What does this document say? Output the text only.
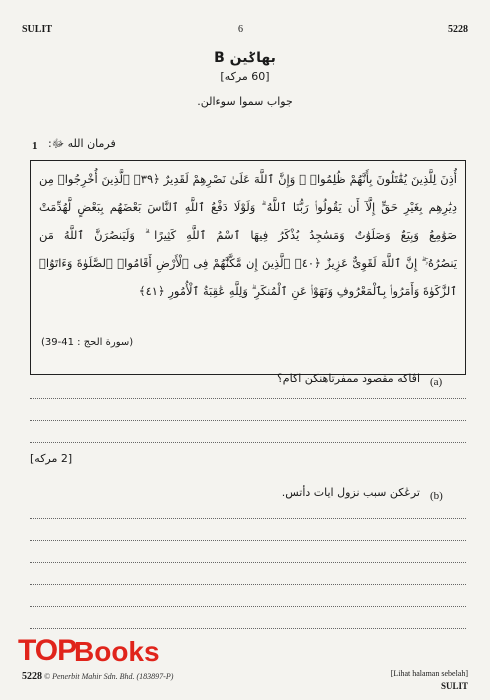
SULIT	6	5228
بهاݢين B
[60 مركه]
جواب سموا سوءالن.
1 فرمان الله ﷻ:
أُذِنَ لِلَّذِينَ يُقَٰتَلُونَ بِأَنَّهُمْ ظُلِمُوا۟ ۚ وَإِنَّ ٱللَّهَ عَلَىٰ نَصْرِهِمْ لَقَدِيرٌ ﴿٣٩﴾ ٱلَّذِينَ أُخْرِجُوا۟ مِن
دِيَٰرِهِم بِغَيْرِ حَقٍّ إِلَّآ أَن يَقُولُوا۟ رَبُّنَا ٱللَّهُ ۗ وَلَوْلَا دَفْعُ ٱللَّهِ ٱلنَّاسَ بَعْضَهُم بِبَعْضٍ لَّهُدِّمَتْ
صَوَٰمِعُ وَبِيَعٌ وَصَلَوَٰتٌ وَمَسَٰجِدُ يُذْكَرُ فِيهَا ٱسْمُ ٱللَّهِ كَثِيرًا ۗ وَلَيَنصُرَنَّ ٱللَّهُ مَن
يَنصُرُهُۥٓ ۗ إِنَّ ٱللَّهَ لَقَوِىٌّ عَزِيزٌ ﴿٤٠﴾ ٱلَّذِينَ إِن مَّكَّنَّٰهُمْ فِى ٱلْأَرْضِ أَقَامُوا۟ ٱلصَّلَوٰةَ وَءَاتَوُا۟
ٱلزَّكَوٰةَ وَأَمَرُوا۟ بِٱلْمَعْرُوفِ وَنَهَوْا۟ عَنِ ٱلْمُنكَرِ ۗ وَلِلَّهِ عَٰقِبَةُ ٱلْأُمُورِ ﴿٤١﴾
(سورة الحج : 41-39)
(a)
اڤاكه مقصود ممفرتاهنكن اکام؟
[2 مركه]
(b)
ترڠكن سبب نزول ايات دأتس.
TOP
Books
5228 © Penerbit Mahir Sdn. Bhd. (183897-P)	[Lihat halaman sebelah]
SULIT
